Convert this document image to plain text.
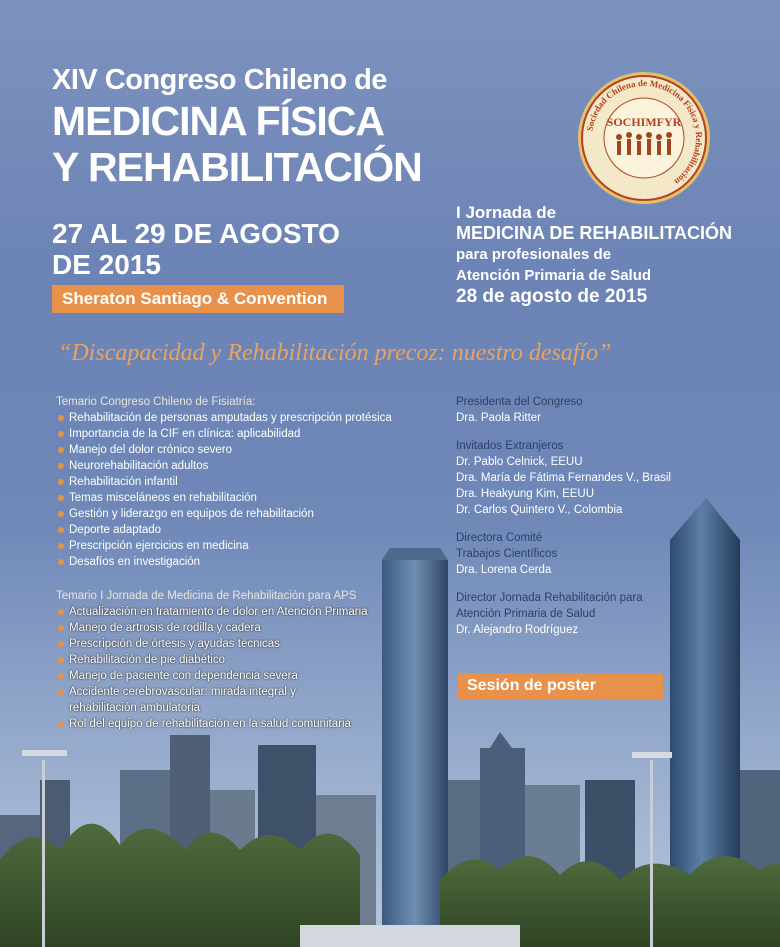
XIV Congreso Chileno de
MEDICINA FÍSICA
Y REHABILITACIÓN
27 AL 29 DE AGOSTO DE 2015
Sheraton Santiago & Convention
Sociedad Chilena de Medicina Física y Rehabilitación
SOCHIMFYR
I Jornada de
MEDICINA DE REHABILITACIÓN
para profesionales de
Atención Primaria de Salud
28 de agosto de 2015
“Discapacidad y Rehabilitación precoz: nuestro desafío”
Temario Congreso Chileno de Fisiatría:
Rehabilitación de personas amputadas y prescripción protésica
Importancia de la CIF en clínica: aplicabilidad
Manejo del dolor crónico severo
Neurorehabilitación adultos
Rehabilitación infantil
Temas misceláneos en rehabilitación
Gestión y liderazgo en equipos de rehabilitación
Deporte adaptado
Prescripción ejercicios en medicina
Desafíos en investigación
Temario I Jornada de Medicina de Rehabilitación para APS
Actualización en tratamiento de dolor en Atención Primaria
Manejo de artrosis de rodilla y cadera
Prescripción de órtesis y ayudas técnicas
Rehabilitación de pie diabético
Manejo de paciente con dependencia severa
Accidente cerebrovascular: mirada integral y rehabilitación ambulatoria
Rol del equipo de rehabilitación en la salud comunitaria
Presidenta del Congreso
Dra. Paola Ritter
Invitados Extranjeros
Dr. Pablo Celnick, EEUU
Dra. María de Fátima Fernandes V., Brasil
Dra. Heakyung Kim, EEUU
Dr. Carlos Quintero V., Colombia
Directora Comité Trabajos Científicos
Dra. Lorena Cerda
Director Jornada Rehabilitación para Atención Primaria de Salud
Dr. Alejandro Rodríguez
Sesión de poster
